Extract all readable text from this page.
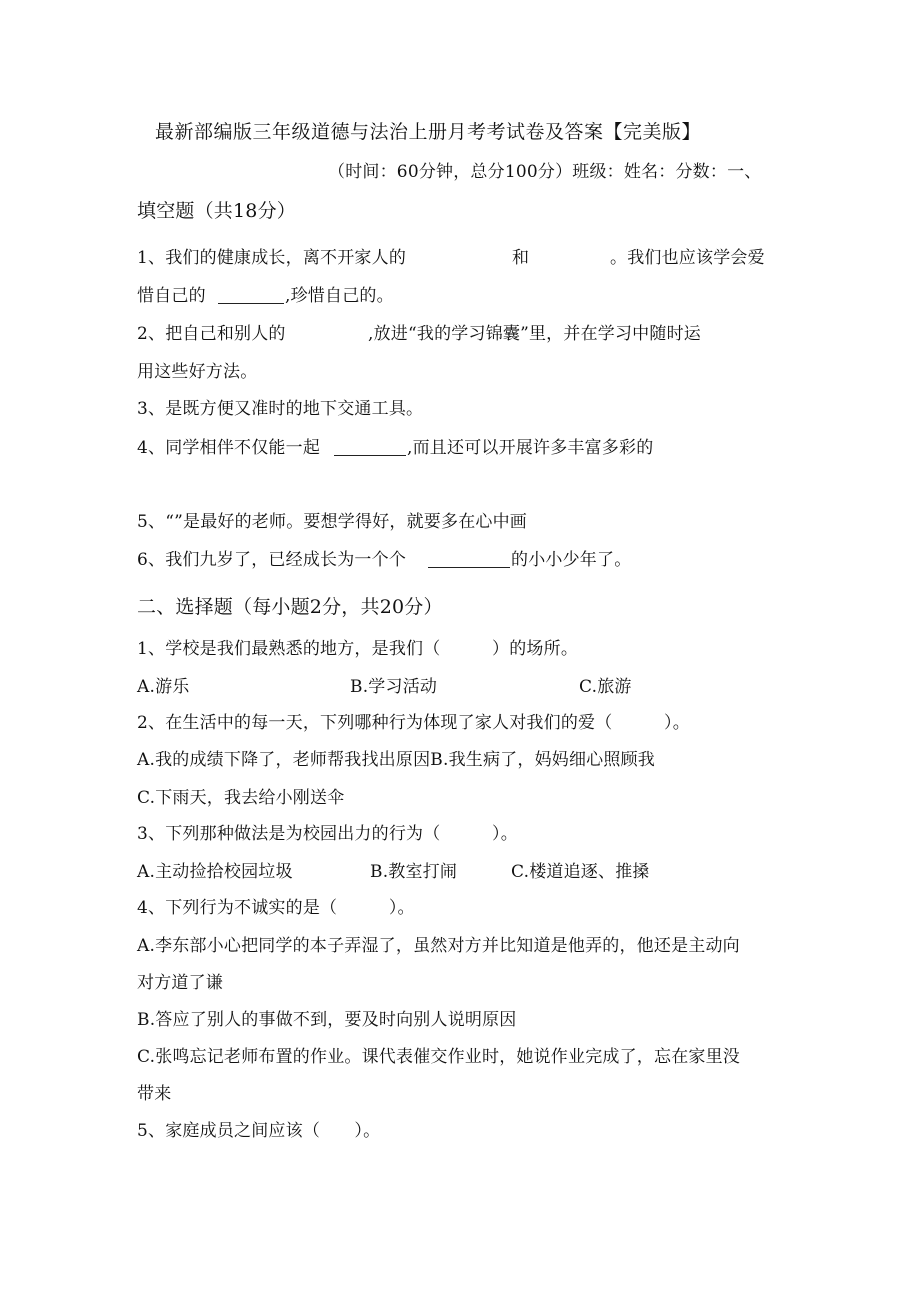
最新部编版三年级道德与法治上册月考考试卷及答案【完美版】
（时间：60分钟，总分100分）班级：姓名：分数：一、
填空题（共18分）
1、我们的健康成长，离不开家人的	和	。我们也应该学会爱
惜自己的	,珍惜自己的。
2、把自己和别人的	,放进“我的学习锦囊”里，并在学习中随时运
用这些好方法。
3、是既方便又准时的地下交通工具。
4、同学相伴不仅能一起	,而且还可以开展许多丰富多彩的
5、“”是最好的老师。要想学得好，就要多在心中画
6、我们九岁了，已经成长为一个个	的小小少年了。
二、选择题（每小题2分，共20分）
1、学校是我们最熟悉的地方，是我们（　　　）的场所。
A.游乐	B.学习活动	C.旅游
2、在生活中的每一天，下列哪种行为体现了家人对我们的爱（　　　）。
A.我的成绩下降了，老师帮我找出原因B.我生病了，妈妈细心照顾我
C.下雨天，我去给小刚送伞
3、下列那种做法是为校园出力的行为（　　　）。
A.主动捡拾校园垃圾	B.教室打闹	C.楼道追逐、推搡
4、下列行为不诚实的是（　　　）。
A.李东部小心把同学的本子弄湿了，虽然对方并比知道是他弄的，他还是主动向
对方道了谦
B.答应了别人的事做不到，要及时向别人说明原因
C.张鸣忘记老师布置的作业。课代表催交作业时，她说作业完成了，忘在家里没
带来
5、家庭成员之间应该（　　）。
